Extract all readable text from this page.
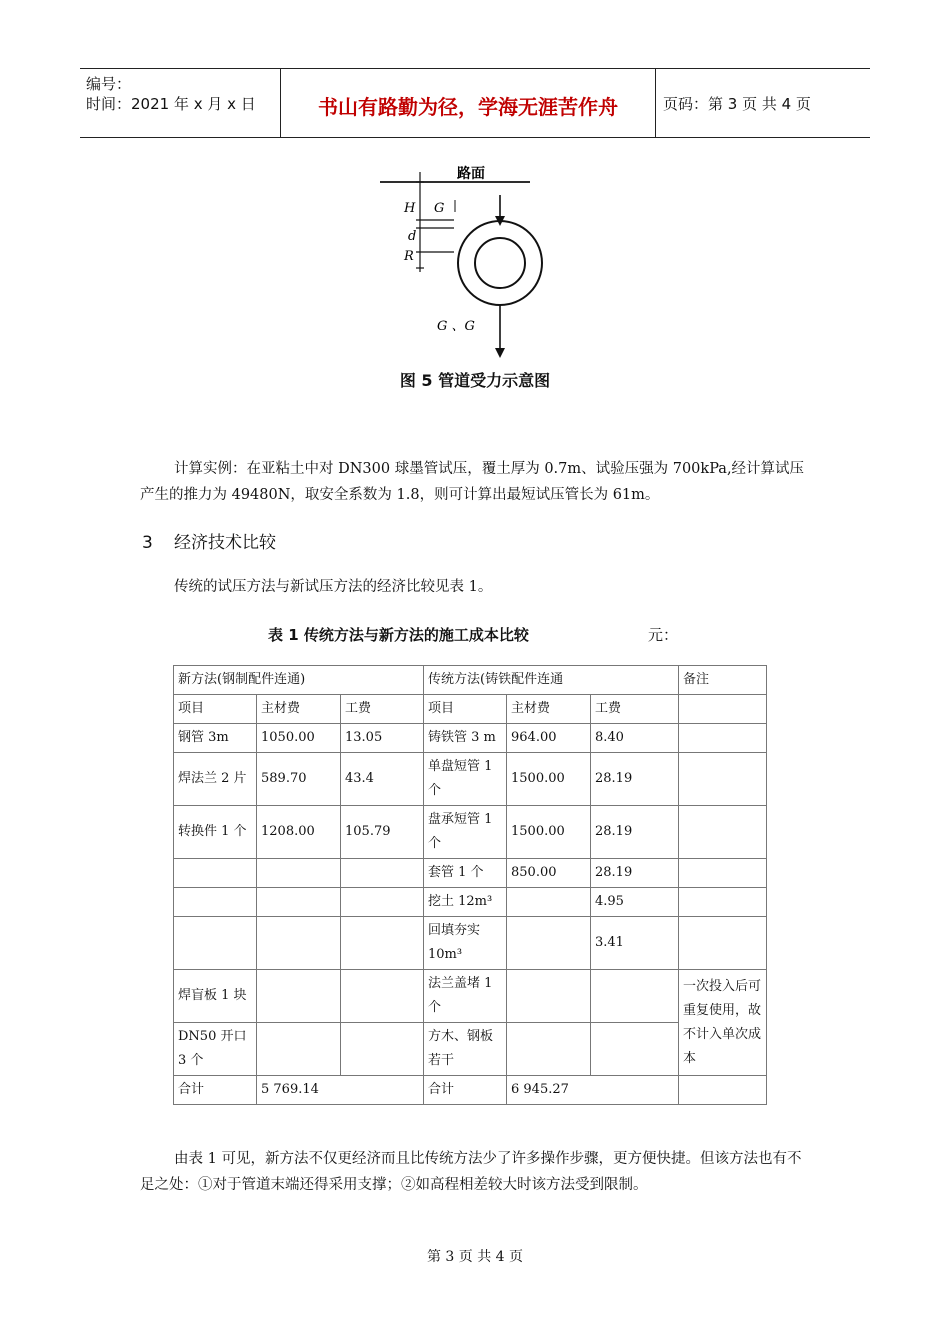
编号：
时间：2021 年 x 月 x 日	书山有路勤为径，学海无涯苦作舟	页码：第 3 页 共 4 页
路面
H
d
R
G
G 、G
图 5 管道受力示意图
计算实例：在亚粘土中对 DN300 球墨管试压，覆土厚为 0.7m、试验压强为 700kPa,经计算试压产生的推力为 49480N，取安全系数为 1.8，则可计算出最短试压管长为 61m。
3 经济技术比较
传统的试压方法与新试压方法的经济比较见表 1。
表 1 传统方法与新方法的施工成本比较	元：
新方法(钢制配件连通)			传统方法(铸铁配件连通			备注
项目	主材费	工费	项目	主材费	工费	
钢管 3m	1050.00	13.05	铸铁管 3 m	964.00	8.40	
焊法兰 2 片	589.70	43.4	单盘短管 1 个	1500.00	28.19	
转换件 1 个	1208.00	105.79	盘承短管 1 个	1500.00	28.19	
			套管 1 个	850.00	28.19	
			挖土 12m³		4.95	
			回填夯实 10m³		3.41	
焊盲板 1 块			法兰盖堵 1 个			一次投入后可重复使用，故不计入单次成本
DN50 开口 3 个			方木、钢板若干			
合计	5 769.14		合计	6 945.27		
由表 1 可见，新方法不仅更经济而且比传统方法少了许多操作步骤，更方便快捷。但该方法也有不足之处：①对于管道末端还得采用支撑；②如高程相差较大时该方法受到限制。
第 3 页 共 4 页
